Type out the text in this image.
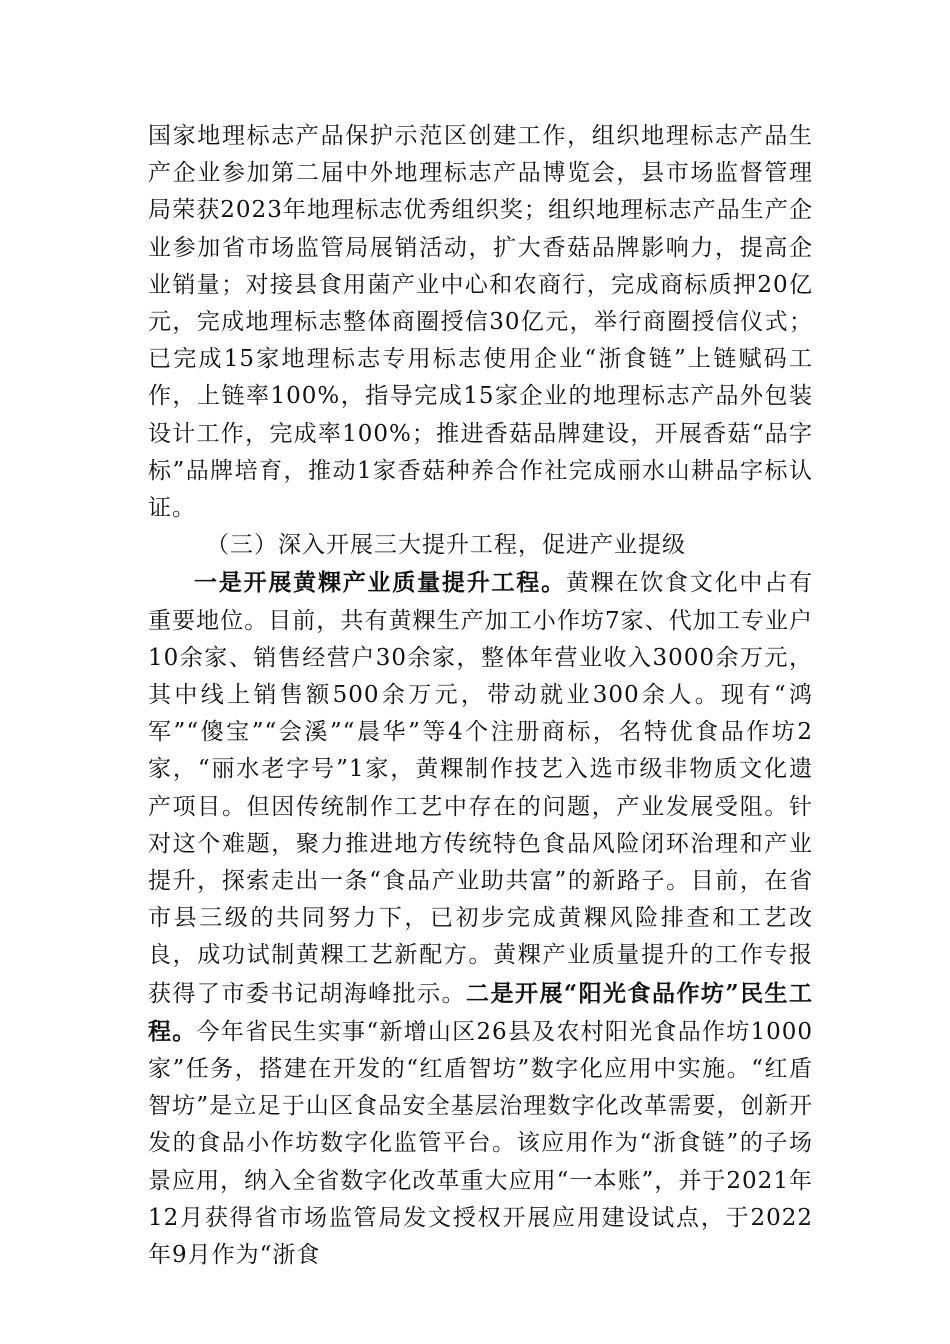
国家地理标志产品保护示范区创建工作，组织地理标志产品生产企业参加第二届中外地理标志产品博览会，县市场监督管理局荣获2023年地理标志优秀组织奖；组织地理标志产品生产企业参加省市场监管局展销活动，扩大香菇品牌影响力，提高企业销量；对接县食用菌产业中心和农商行，完成商标质押20亿元，完成地理标志整体商圈授信30亿元，举行商圈授信仪式；已完成15家地理标志专用标志使用企业“浙食链”上链赋码工作，上链率100%，指导完成15家企业的地理标志产品外包装设计工作，完成率100%；推进香菇品牌建设，开展香菇“品字标”品牌培育，推动1家香菇种养合作社完成丽水山耕品字标认证。

（三）深入开展三大提升工程，促进产业提级

一是开展黄粿产业质量提升工程。黄粿在饮食文化中占有重要地位。目前，共有黄粿生产加工小作坊7家、代加工专业户10余家、销售经营户30余家，整体年营业收入3000余万元，其中线上销售额500余万元，带动就业300余人。现有“鸿军”“傻宝”“会溪”“晨华”等4个注册商标，名特优食品作坊2家，“丽水老字号”1家，黄粿制作技艺入选市级非物质文化遗产项目。但因传统制作工艺中存在的问题，产业发展受阻。针对这个难题，聚力推进地方传统特色食品风险闭环治理和产业提升，探索走出一条“食品产业助共富”的新路子。目前，在省市县三级的共同努力下，已初步完成黄粿风险排查和工艺改良，成功试制黄粿工艺新配方。黄粿产业质量提升的工作专报获得了市委书记胡海峰批示。二是开展“阳光食品作坊”民生工程。今年省民生实事“新增山区26县及农村阳光食品作坊1000家”任务，搭建在开发的“红盾智坊”数字化应用中实施。“红盾智坊”是立足于山区食品安全基层治理数字化改革需要，创新开发的食品小作坊数字化监管平台。该应用作为“浙食链”的子场景应用，纳入全省数字化改革重大应用“一本账”，并于2021年12月获得省市场监管局发文授权开展应用建设试点，于2022年9月作为“浙食
